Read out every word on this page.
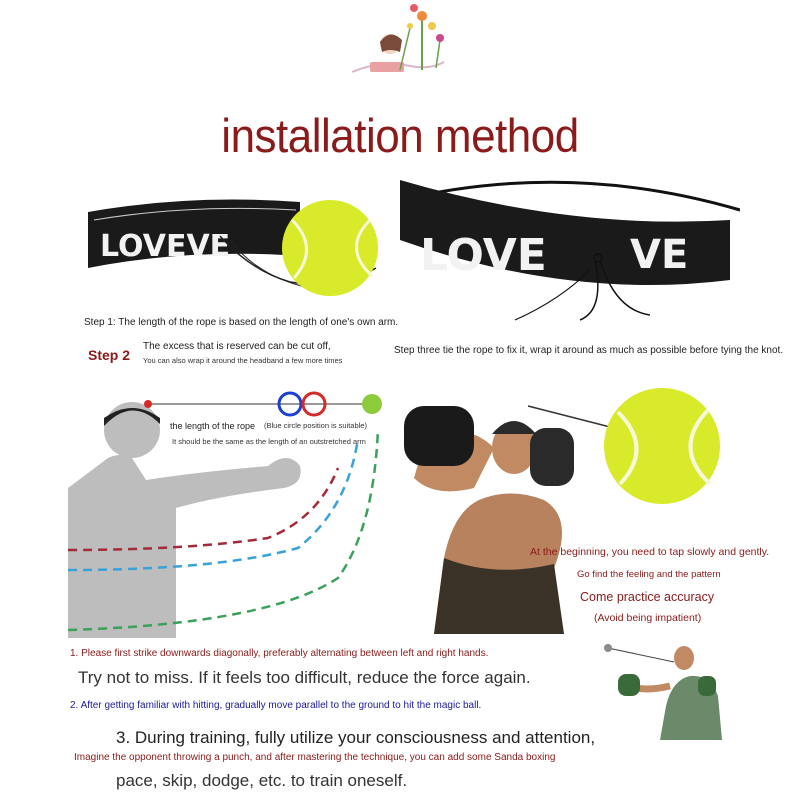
installation method
LOVEVE	LOVE VE
Step 1: The length of the rope is based on the length of one's own arm.
Step 2
The excess that is reserved can be cut off,
You can also wrap it around the headband a few more times
Step three tie the rope to fix it, wrap it around as much as possible before tying the knot.
the length of the rope (Blue circle position is suitable)
It should be the same as the length of an outstretched arm
At the beginning, you need to tap slowly and gently.
Go find the feeling and the pattern
Come practice accuracy
(Avoid being impatient)
1. Please first strike downwards diagonally, preferably alternating between left and right hands.
Try not to miss. If it feels too difficult, reduce the force again.
2. After getting familiar with hitting, gradually move parallel to the ground to hit the magic ball.
3. During training, fully utilize your consciousness and attention,
Imagine the opponent throwing a punch, and after mastering the technique, you can add some Sanda boxing
pace, skip, dodge, etc. to train oneself.
